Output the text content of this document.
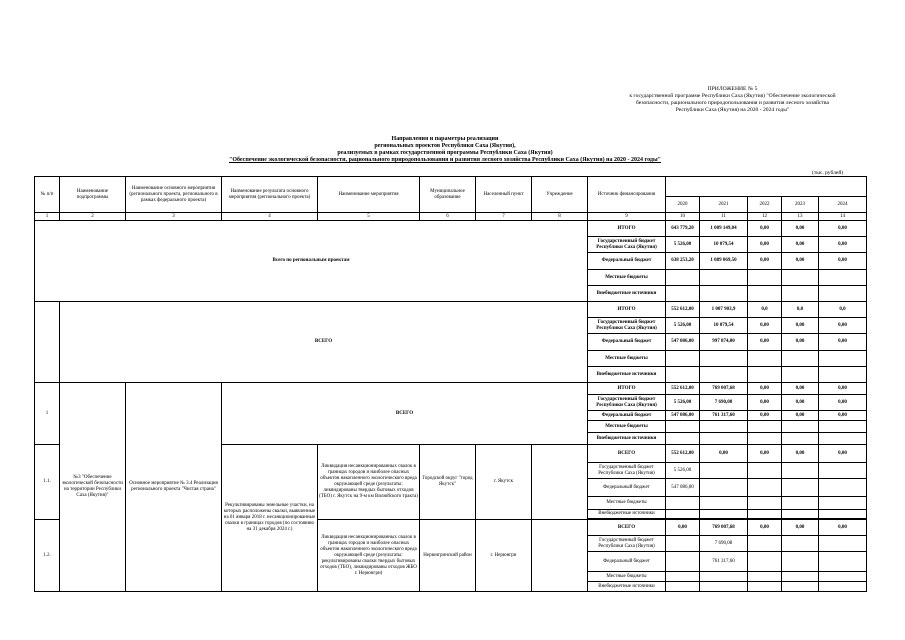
ПРИЛОЖЕНИЕ № 5
к государственной программе Республики Саха (Якутия) "Обеспечение экологической
безопасности, рационального природопользования и развития лесного хозяйства
Республики Саха (Якутия) на 2020 - 2024 годы"
Направления и параметры реализации
региональных проектов Республики Саха (Якутия),
реализуемых в рамках государственной программы Республики Саха (Якутия)
"Обеспечение экологической безопасности, рационального природопользования и развития лесного хозяйства Республики Саха (Якутия) на 2020 - 2024 годы"
(тыс. рублей)
№ п/п	Наименование подпрограммы	Наименование основного мероприятия (регионального проекта, регионального в рамках федерального проекта)	Наименование результата основного мероприятия (регионального проекта)	Наименование мероприятия	Муниципальное образование	Населенный пункт	Учреждение	Источник финансирования					
									2020	2021	2022	2023	2024
1	2	3	4	5	6	7	8	9	10	11	12	13	14
Всего по региональным проектам								ИТОГО	643 779,20	1 009 149,04	0,00	0,00	0,00
								Государственный бюджет Республики Саха (Якутия)	5 526,00	10 079,54	0,00	0,00	0,00
								Федеральный бюджет	638 253,20	1 089 069,50	0,00	0,00	0,00
								Местные бюджеты					
								Внебюджетные источники					
	ВСЕГО							ИТОГО	552 612,00	1 007 903,9	0,0	0,0	0,0
								Государственный бюджет Республики Саха (Якутия)	5 526,00	10 079,54	0,00	0,00	0,00
								Федеральный бюджет	547 086,00	997 874,00	0,00	0,00	0,00
								Местные бюджеты					
								Внебюджетные источники					
1	№3 "Обеспечение экологической безопасности на территории Республики Саха (Якутия)"	Основное мероприятие № 3.4 Реализация регионального проекта "Чистая страна"	ВСЕГО					ИТОГО	552 612,00	769 007,68	0,00	0,00	0,00
								Государственный бюджет Республики Саха (Якутия)	5 526,00	7 690,08	0,00	0,00	0,00
								Федеральный бюджет	547 086,00	761 317,60	0,00	0,00	0,00
								Местные бюджеты					
								Внебюджетные источники					
1.1.			Рекультивированы земельные участки, на которых расположены свалки, выявленные на 01 января 2018 г. несанкционированные свалки в границах городов (по состоянию на 31 декабря 2024 г.)	Ликвидация несанкционированных свалок в границах городов и наиболее опасных объектов накопленного экологического вреда окружающей среде (результаты: ликвидированы твердых бытовых отходов (ТБО) г. Якутск на 9-м км Вилюйского тракта)	Городской округ "город Якутск"	г. Якутск		ВСЕГО	552 612,00	0,00	0,00	0,00	0,00
								Государственный бюджет Республики Саха (Якутия)	5 526,00				
								Федеральный бюджет	547 086,00				
								Местные бюджеты					
								Внебюджетные источники					

1.2.				Ликвидация несанкционированных свалок в границах городов и наиболее опасных объектов накопленного экологического вреда окружающей среде (результаты: рекультивированы свалки твердых бытовых отходов (ТБО), ликвидированы отходов ЖБО г. Нерюнгри)	Нерюнгринский район	г. Нерюнгри		ВСЕГО	0,00	769 007,68	0,00	0,00	0,00
								Государственный бюджет Республики Саха (Якутия)		7 690,08			
								Федеральный бюджет		761 317,60			
								Местные бюджеты					
								Внебюджетные источники					
